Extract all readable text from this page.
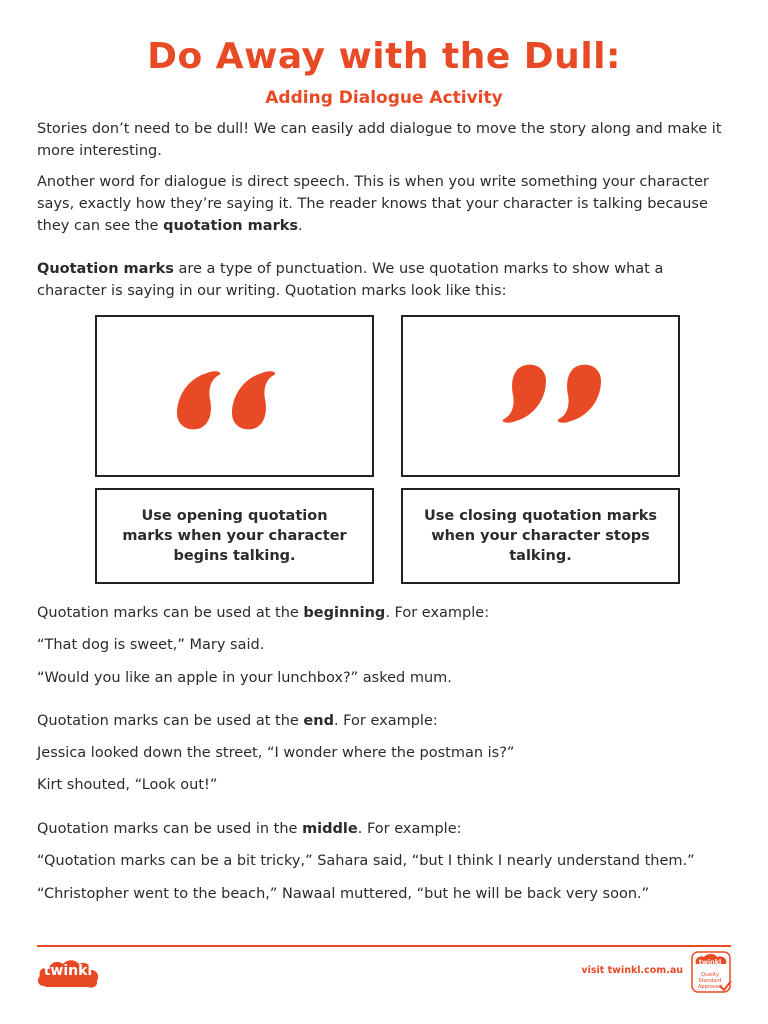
Do Away with the Dull:
Adding Dialogue Activity
Stories don’t need to be dull! We can easily add dialogue to move the story along and make it more interesting.
Another word for dialogue is direct speech. This is when you write something your character says, exactly how they’re saying it. The reader knows that your character is talking because they can see the quotation marks.
Quotation marks are a type of punctuation. We use quotation marks to show what a character is saying in our writing. Quotation marks look like this:
Use opening quotation marks when your character begins talking.
Use closing quotation marks when your character stops talking.
Quotation marks can be used at the beginning. For example:
“That dog is sweet,” Mary said.
“Would you like an apple in your lunchbox?” asked mum.
Quotation marks can be used at the end. For example:
Jessica looked down the street, “I wonder where the postman is?”
Kirt shouted, “Look out!”
Quotation marks can be used in the middle. For example:
“Quotation marks can be a bit tricky,” Sahara said, “but I think I nearly understand them.”
“Christopher went to the beach,” Nawaal muttered, “but he will be back very soon.”
twinkl	visit twinkl.com.au
twinkl
Quality Standard Approved
